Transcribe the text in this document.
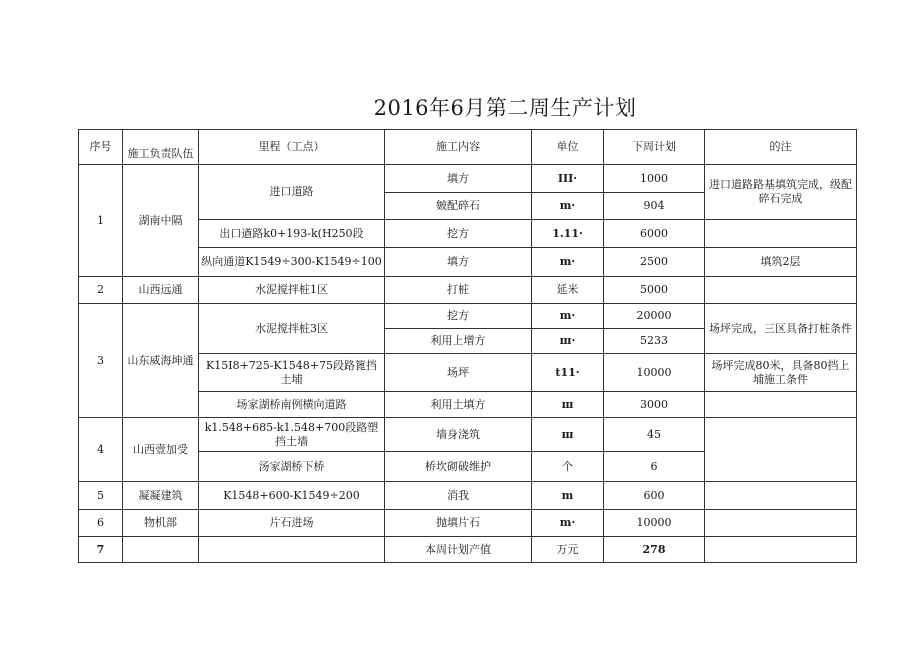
2016年6月第二周生产计划
序号	施工负责队伍	里程（工点）	施工内容	单位	下周计划	的注
1	湖南中隔	进口道路	填方	III·	1000	进口道路路基填筑完成，级配碎石完成
			皴配碎石	m·	904	
		出口遒路k0+193-k(H250段	挖方	1.11·	6000	
		纵向通道K1549÷300-K1549÷100	填方	m·	2500	填筑2层
2	山西远通	水泥搅拌桩1区	打桩	延米	5000	
3	山东威海坤通	水泥搅拌桩3区	挖方	m·	20000	场坪完成，三区具备打桩条件
			利用上增方	ш·	5233	
		K15I8+725-K1548+75段路篦挡土埔	场坪	t11·	10000	场坪完成80米，具备80挡上埔施工条件
		场家湖桥南例横向道路	利用土填方	ш	3000	
4	山西壹加受	k1.548+685-k1.548+700段路塑挡土墙	墙身浇筑	ш	45	
		汤家湖桥下桥	桥坎砌破维护	个	6	
5	凝凝建筑	K1548+600-K1549÷200	消我	m	600	
6	物机部	片石进场	抛填片石	m·	10000	
7			本周计划产值	万元	278	
